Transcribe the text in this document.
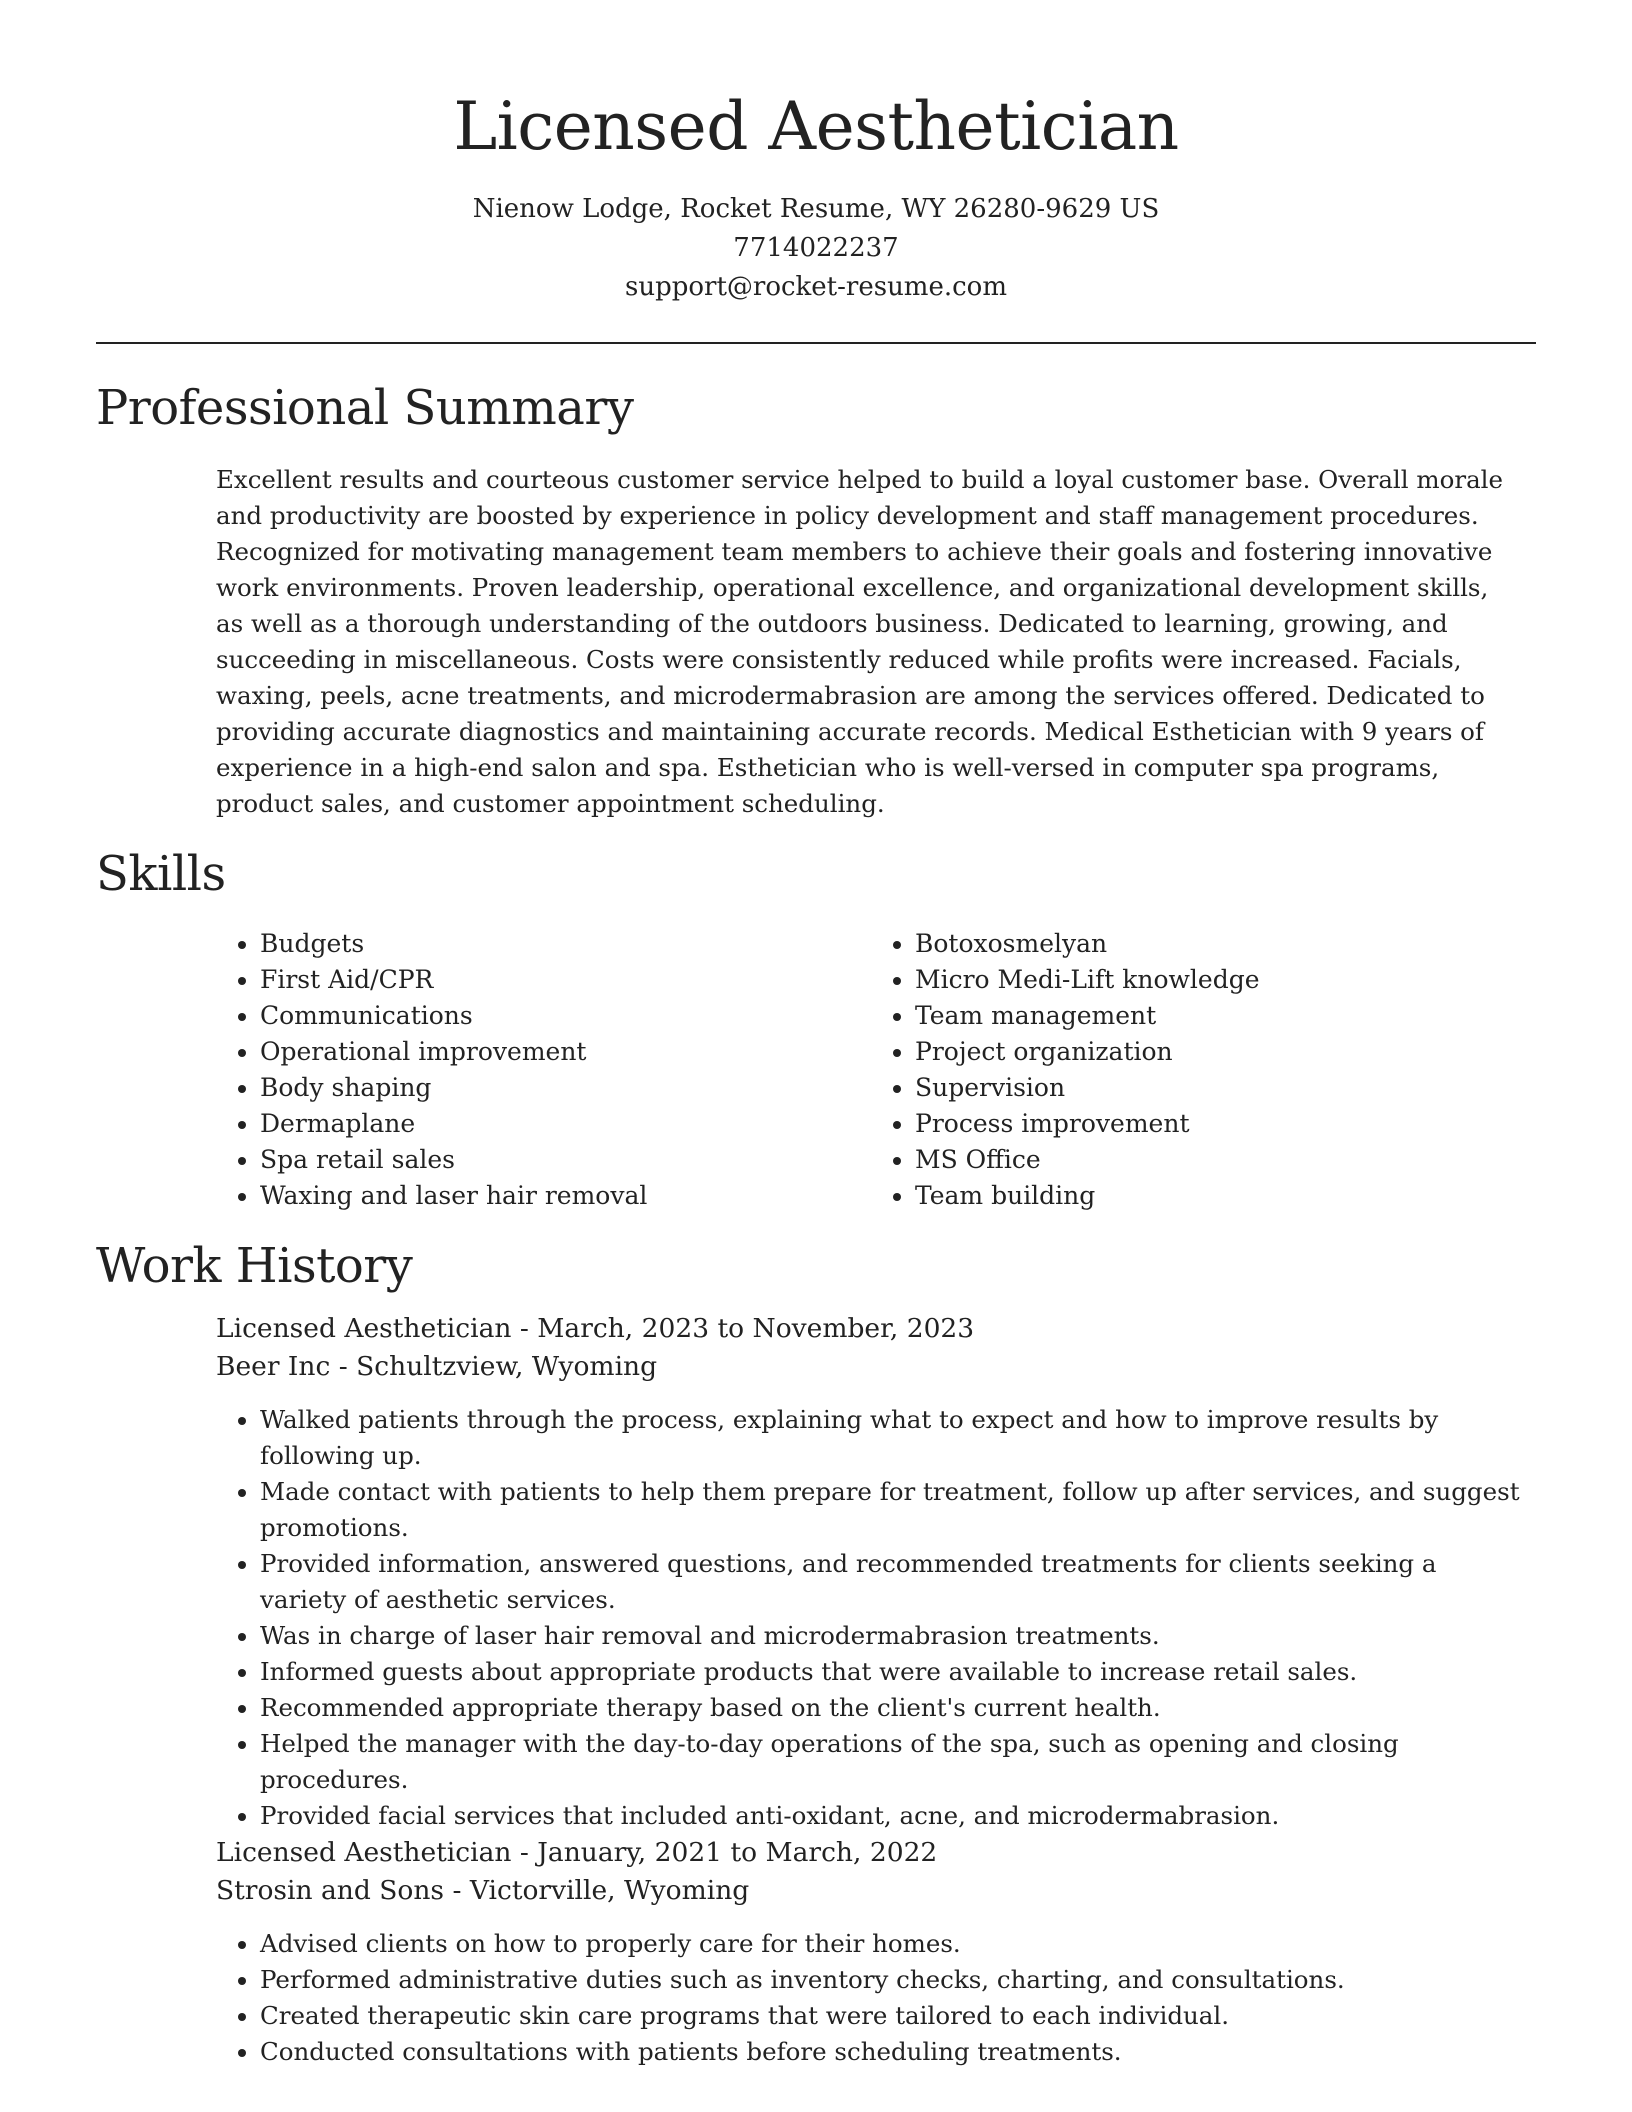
Licensed Aesthetician
Nienow Lodge, Rocket Resume, WY 26280-9629 US
7714022237
support@rocket-resume.com
Professional Summary

Excellent results and courteous customer service helped to build a loyal customer base. Overall morale and productivity are boosted by experience in policy development and staff management procedures. Recognized for motivating management team members to achieve their goals and fostering innovative work environments. Proven leadership, operational excellence, and organizational development skills, as well as a thorough understanding of the outdoors business. Dedicated to learning, growing, and succeeding in miscellaneous. Costs were consistently reduced while profits were increased. Facials, waxing, peels, acne treatments, and microdermabrasion are among the services offered. Dedicated to providing accurate diagnostics and maintaining accurate records. Medical Esthetician with 9 years of experience in a high-end salon and spa. Esthetician who is well-versed in computer spa programs, product sales, and customer appointment scheduling.

Skills
• Budgets
• First Aid/CPR
• Communications
• Operational improvement
• Body shaping
• Dermaplane
• Spa retail sales
• Waxing and laser hair removal
• Botoxosmelyan
• Micro Medi-Lift knowledge
• Team management
• Project organization
• Supervision
• Process improvement
• MS Office
• Team building
Work History
Licensed Aesthetician - March, 2023 to November, 2023
Beer Inc - Schultzview, Wyoming
• Walked patients through the process, explaining what to expect and how to improve results by following up.
• Made contact with patients to help them prepare for treatment, follow up after services, and suggest promotions.
• Provided information, answered questions, and recommended treatments for clients seeking a variety of aesthetic services.
• Was in charge of laser hair removal and microdermabrasion treatments.
• Informed guests about appropriate products that were available to increase retail sales.
• Recommended appropriate therapy based on the client's current health.
• Helped the manager with the day-to-day operations of the spa, such as opening and closing procedures.
• Provided facial services that included anti-oxidant, acne, and microdermabrasion.
Licensed Aesthetician - January, 2021 to March, 2022
Strosin and Sons - Victorville, Wyoming
• Advised clients on how to properly care for their homes.
• Performed administrative duties such as inventory checks, charting, and consultations.
• Created therapeutic skin care programs that were tailored to each individual.
• Conducted consultations with patients before scheduling treatments.
